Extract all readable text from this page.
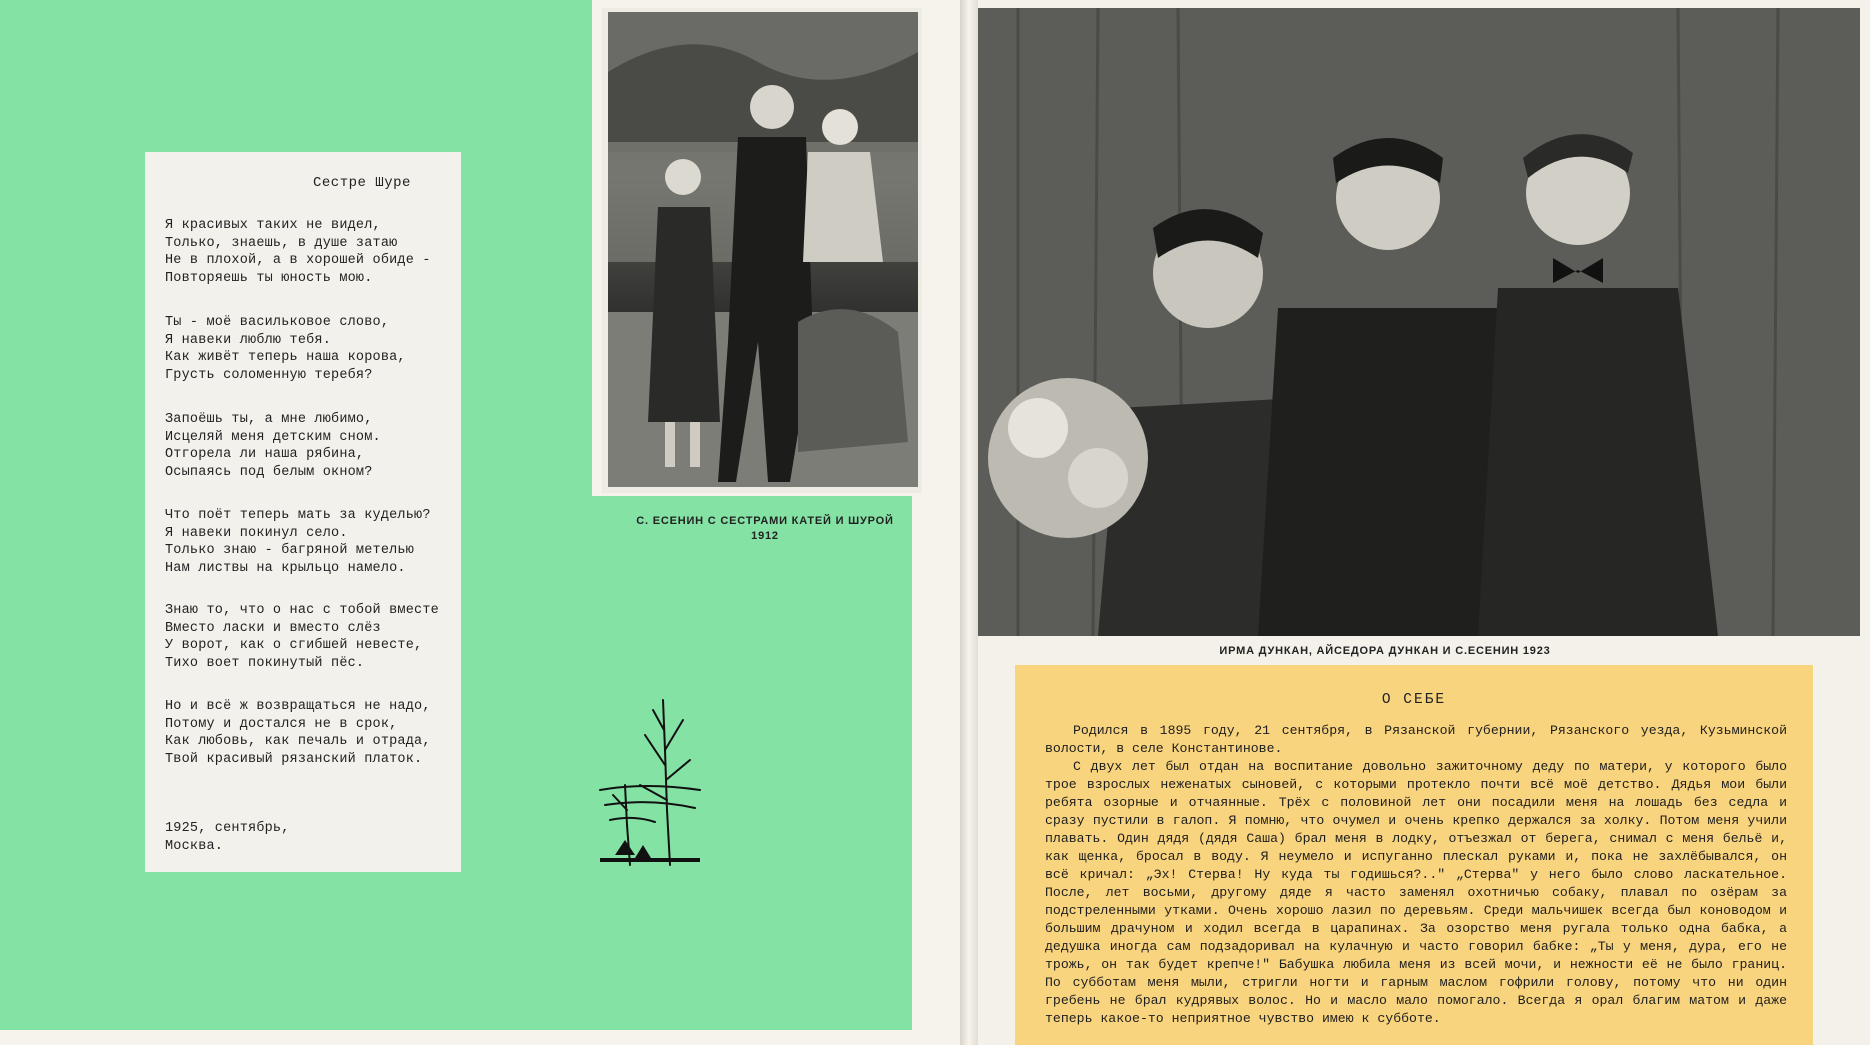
Сестре Шуре
Я красивых таких не видел,
Только, знаешь, в душе затаю
Не в плохой, а в хорошей обиде -
Повторяешь ты юность мою.
Ты - моё васильковое слово,
Я навеки люблю тебя.
Как живёт теперь наша корова,
Грусть соломенную теребя?
Запоёшь ты, а мне любимо,
Исцеляй меня детским сном.
Отгорела ли наша рябина,
Осыпаясь под белым окном?
Что поёт теперь мать за куделью?
Я навеки покинул село.
Только знаю - багряной метелью
Нам листвы на крыльцо намело.
Знаю то, что о нас с тобой вместе
Вместо ласки и вместо слёз
У ворот, как о сгибшей невесте,
Тихо воет покинутый пёс.
Но и всё ж возвращаться не надо,
Потому и достался не в срок,
Как любовь, как печаль и отрада,
Твой красивый рязанский платок.
1925, сентябрь,
Москва.
С. ЕСЕНИН С СЕСТРАМИ КАТЕЙ И ШУРОЙ
1912
ИРМА ДУНКАН, АЙСЕДОРА ДУНКАН И С.ЕСЕНИН 1923
О СЕБЕ

Родился в 1895 году, 21 сентября, в Рязанской губернии, Рязанского уезда, Кузьминской волости, в селе Константинове.

С двух лет был отдан на воспитание довольно зажиточному деду по матери, у которого было трое взрослых неженатых сыновей, с которыми протекло почти всё моё детство. Дядья мои были ребята озорные и отчаянные. Трёх с половиной лет они посадили меня на лошадь без седла и сразу пустили в галоп. Я помню, что очумел и очень крепко держался за холку. Потом меня учили плавать. Один дядя (дядя Саша) брал меня в лодку, отъезжал от берега, снимал с меня бельё и, как щенка, бросал в воду. Я неумело и испуганно плескал руками и, пока не захлёбывался, он всё кричал: „Эх! Стерва! Ну куда ты годишься?.." „Стерва" у него было слово ласкательное. После, лет восьми, другому дяде я часто заменял охотничью собаку, плавал по озёрам за подстреленными утками. Очень хорошо лазил по деревьям. Среди мальчишек всегда был коноводом и большим драчуном и ходил всегда в царапинах. За озорство меня ругала только одна бабка, а дедушка иногда сам подзадоривал на кулачную и часто говорил бабке: „Ты у меня, дура, его не трожь, он так будет крепче!" Бабушка любила меня из всей мочи, и нежности её не было границ. По субботам меня мыли, стригли ногти и гарным маслом гофрили голову, потому что ни один гребень не брал кудрявых волос. Но и масло мало помогало. Всегда я орал благим матом и даже теперь какое-то неприятное чувство имею к субботе.
